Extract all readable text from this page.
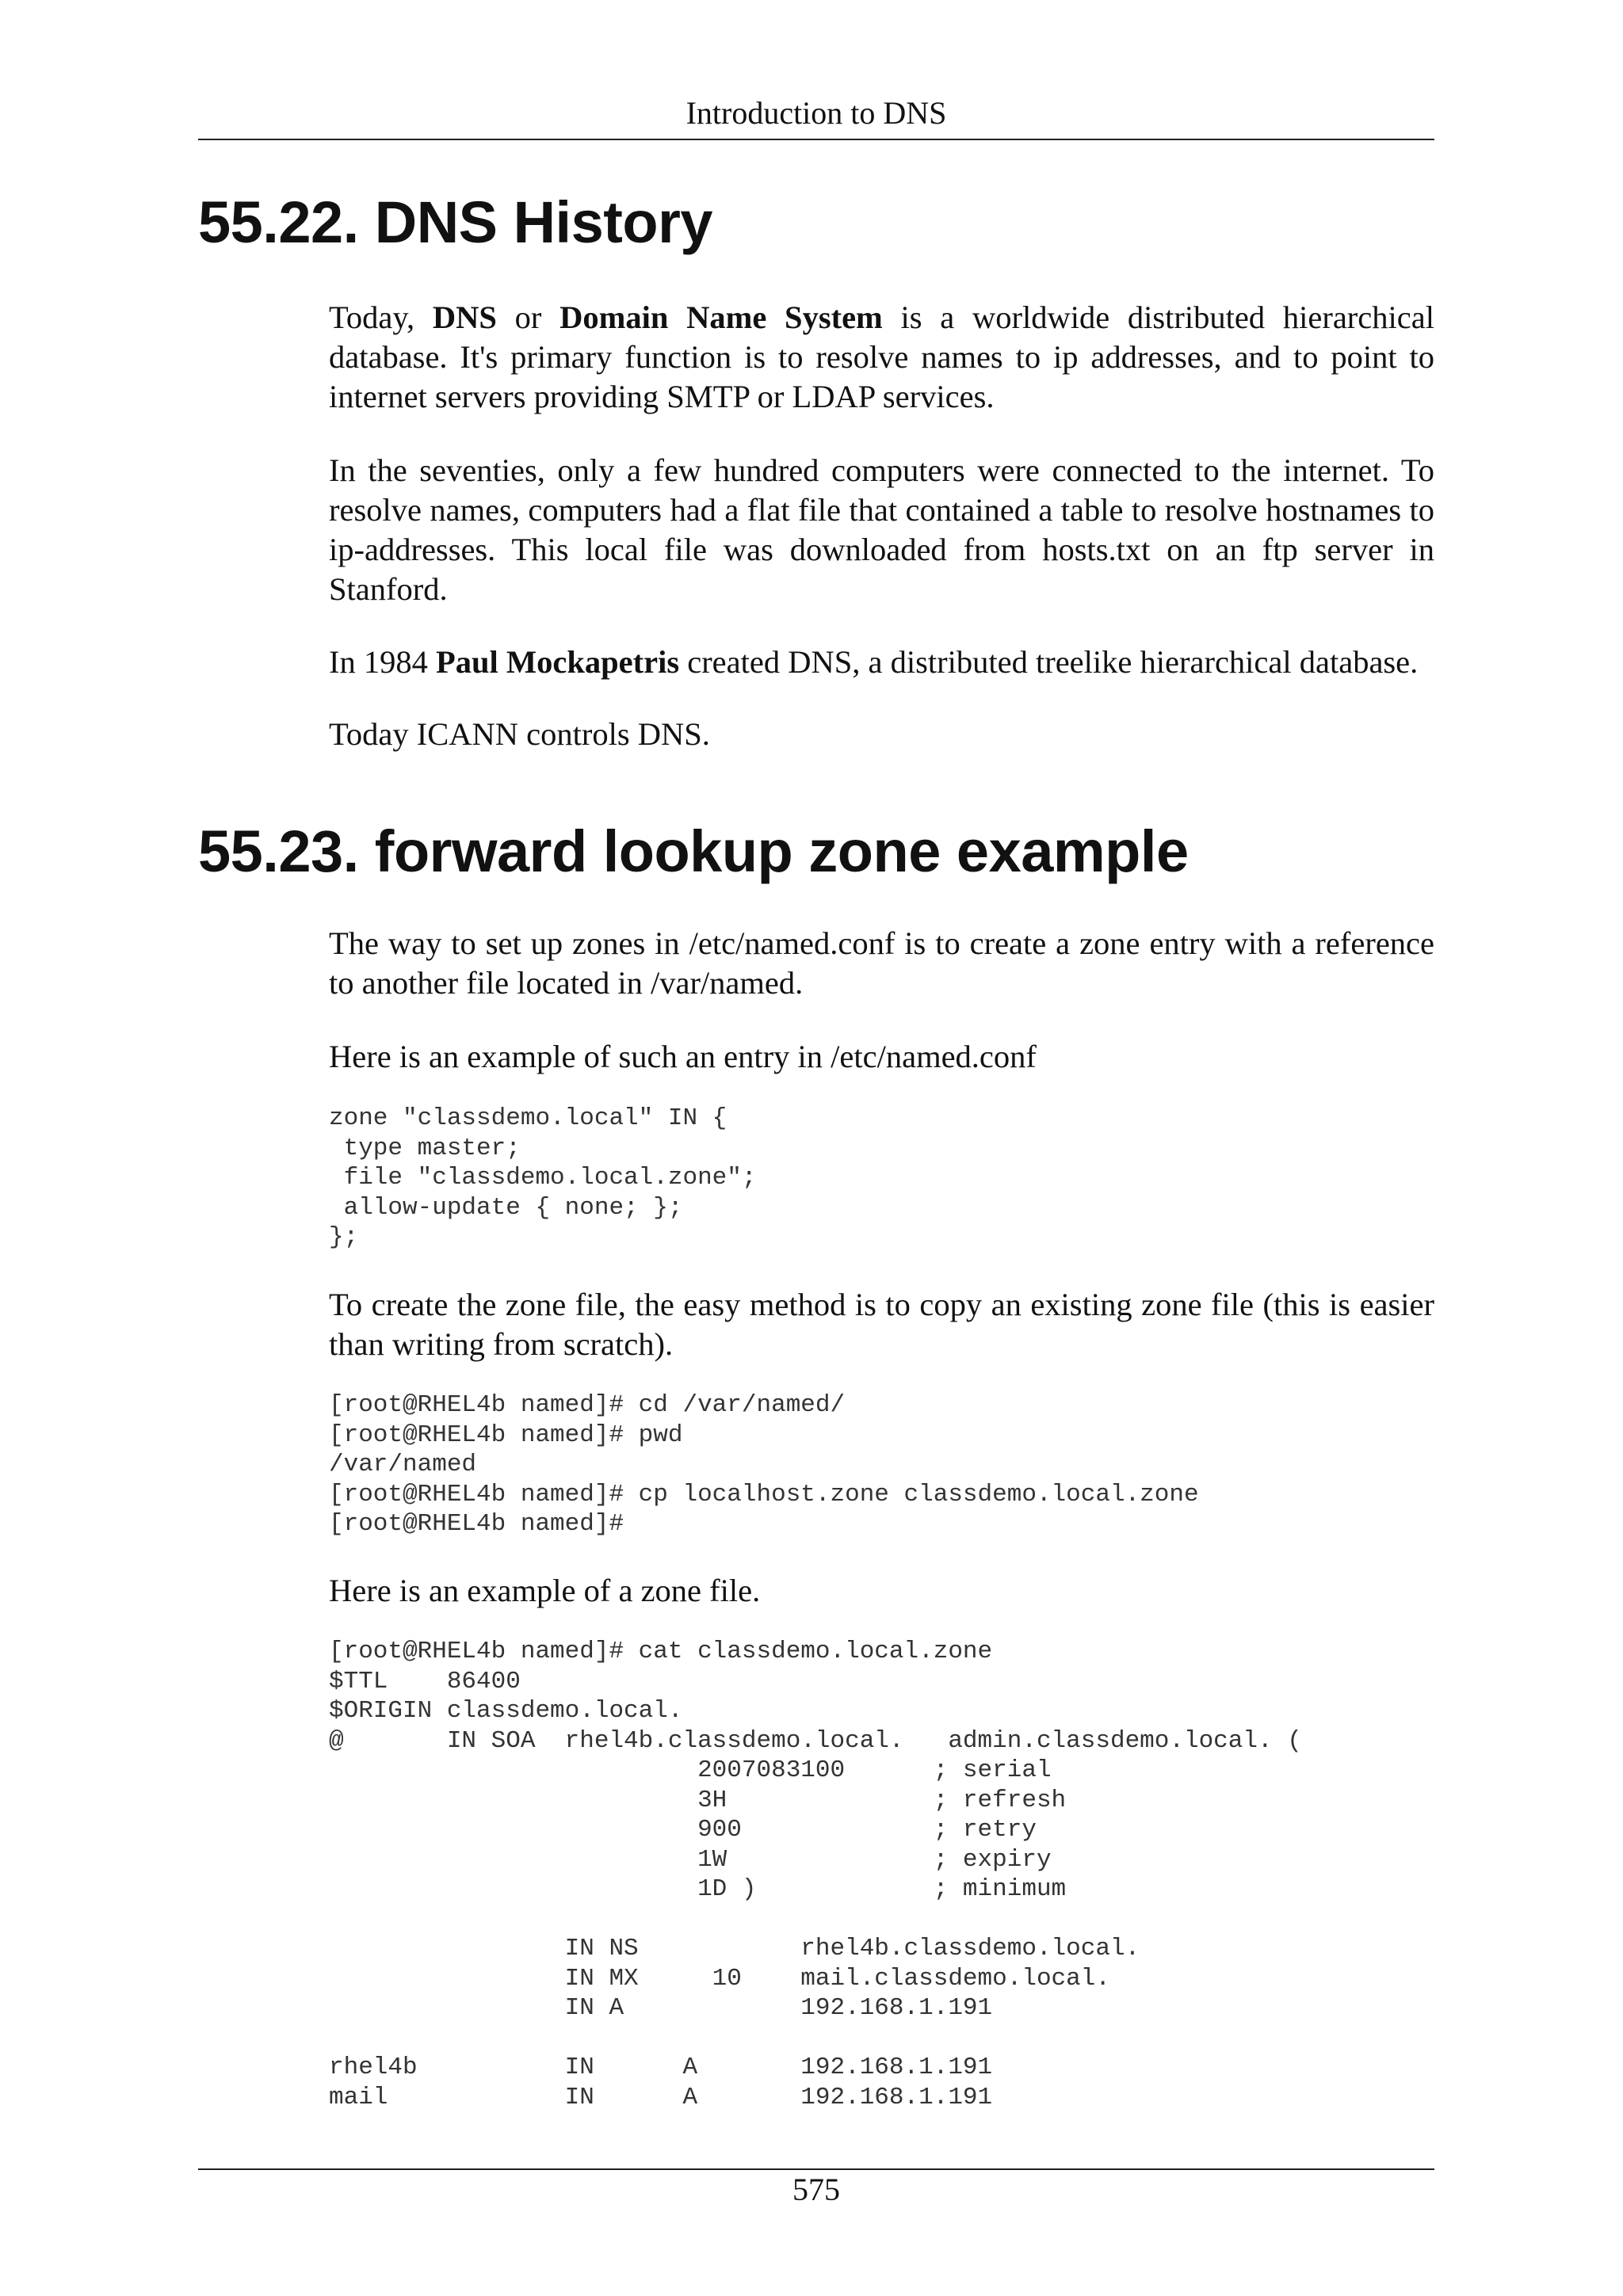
Introduction to DNS

55.22. DNS History

Today, DNS or Domain Name System is a worldwide distributed hierarchical database. It's primary function is to resolve names to ip addresses, and to point to internet servers providing SMTP or LDAP services.

In the seventies, only a few hundred computers were connected to the internet. To resolve names, computers had a flat file that contained a table to resolve hostnames to ip-addresses. This local file was downloaded from hosts.txt on an ftp server in Stanford.

In 1984 Paul Mockapetris created DNS, a distributed treelike hierarchical database.

Today ICANN controls DNS.

55.23. forward lookup zone example

The way to set up zones in /etc/named.conf is to create a zone entry with a reference to another file located in /var/named.

Here is an example of such an entry in /etc/named.conf

zone "classdemo.local" IN {
type master;
file "classdemo.local.zone";
allow-update { none; };
};

To create the zone file, the easy method is to copy an existing zone file (this is easier than writing from scratch).

[root@RHEL4b named]# cd /var/named/
[root@RHEL4b named]# pwd
/var/named
[root@RHEL4b named]# cp localhost.zone classdemo.local.zone
[root@RHEL4b named]#

Here is an example of a zone file.

[root@RHEL4b named]# cat classdemo.local.zone
$TTL    86400
$ORIGIN classdemo.local.
@       IN SOA  rhel4b.classdemo.local.   admin.classdemo.local. (
2007083100      ; serial
3H              ; refresh
900             ; retry
1W              ; expiry
1D )            ; minimum

IN NS           rhel4b.classdemo.local.
IN MX     10    mail.classdemo.local.
IN A            192.168.1.191

rhel4b          IN      A       192.168.1.191
mail            IN      A       192.168.1.191

575
